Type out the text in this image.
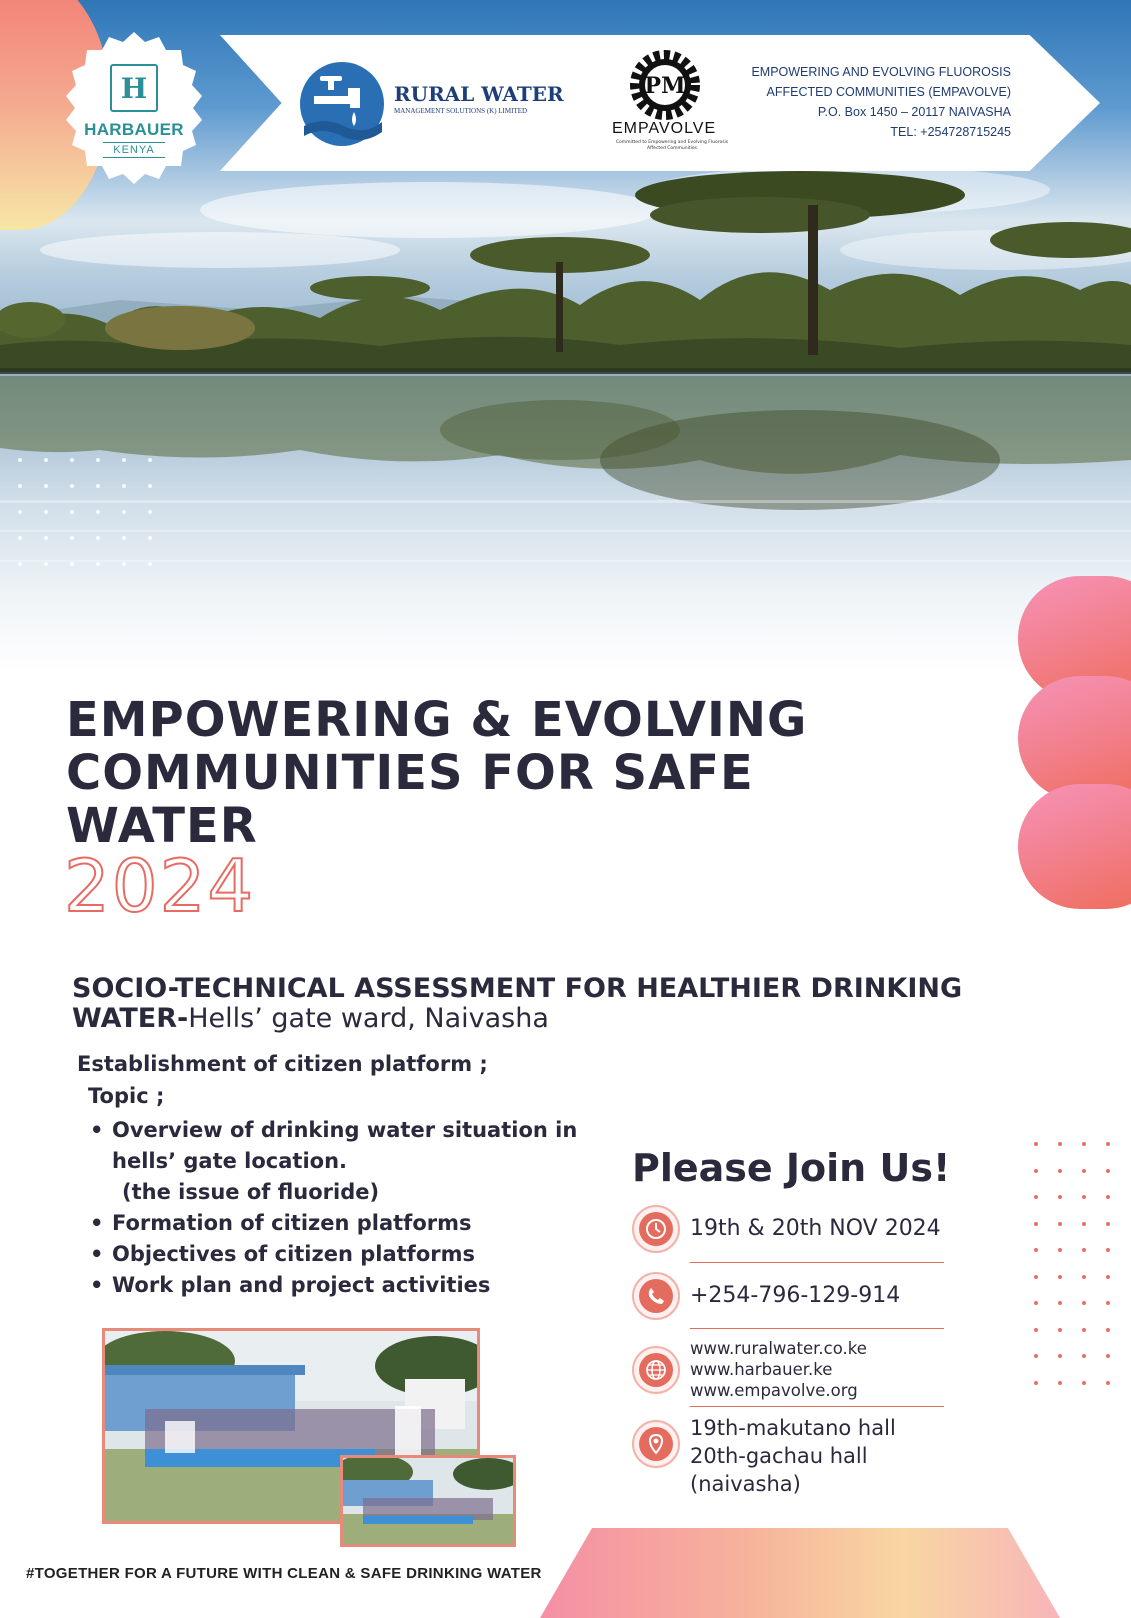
H
HARBAUER
KENYA
RURAL WATER
MANAGEMENT SOLUTIONS (K) LIMITED
PM
EMPAVOLVE
Committed to Empowering and Evolving Fluorosis Affected Communities
EMPOWERING AND EVOLVING FLUOROSIS
AFFECTED COMMUNITIES (EMPAVOLVE)
P.O. Box 1450 – 20117 NAIVASHA
TEL: +254728715245
EMPOWERING & EVOLVING COMMUNITIES FOR SAFE WATER
2024
SOCIO-TECHNICAL ASSESSMENT FOR HEALTHIER DRINKING WATER-Hells’ gate ward, Naivasha
Establishment of citizen platform ;
Topic ;
• Overview of drinking water situation in hells’ gate location.
(the issue of fluoride)
• Formation of citizen platforms
• Objectives of citizen platforms
• Work plan and project activities
Please Join Us!
19th & 20th NOV 2024
+254-796-129-914
www.ruralwater.co.ke
www.harbauer.ke
www.empavolve.org
19th-makutano hall
20th-gachau hall
(naivasha)
#TOGETHER FOR A FUTURE WITH CLEAN & SAFE DRINKING WATER
